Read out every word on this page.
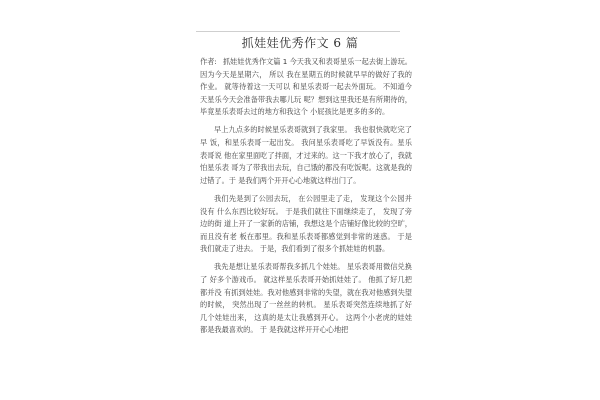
抓娃娃优秀作文 6 篇

作者: 抓娃娃优秀作文篇 1 今天我又和表哥星乐一起去街上游玩。 因为今天是星期六， 所以 我在星期五的时候就早早的做好了我的作业。 就等待着这一天可以 和星乐表哥一起去外面玩。 不知道今天星乐今天会准备带我去哪儿玩 呢？想到这里我还是有所期待的， 毕竟星乐表哥去过的地方和我这个 小屁孩比是更多的多的。

早上九点多的时候星乐表哥就到了我家里。 我也很快就吃完了早 饭，和星乐表哥一起出发。 我问星乐表哥吃了早饭没有。星乐表哥说 他在家里面吃了拌面，才过来的。这一下我才放心了，我就怕星乐表 哥为了带我出去玩，自己饿的都没有吃饭呢。这就是我的过错了。于 是我们两个开开心心地就这样出门了。

我们先是到了公园去玩， 在公园里走了走， 发现这个公园并没有 什么东西比较好玩。 于是我们就往下面继续走了， 发现了旁边的街 道上开了一家新的店铺，我想这是个店铺好像比较的空旷， 而且没有老 板在那里。我和星乐表哥都感觉到非常的迷惑。 于是我们就走了进去。 于是，我们看到了很多个抓娃娃的机器。

我先是想让星乐表哥帮我多抓几个娃娃。 星乐表哥用微信兑换了 好多个游戏币。 就这样星乐表哥开始抓娃娃了。 他抓了好几把都并没 有抓到娃娃。我对他感到非常的失望，就在我对他感到失望的时候， 突然出现了一丝丝的转机。 星乐表哥突然连续地抓了好几个娃娃出来， 这真的是太让我感到开心。 这两个小老虎的娃娃都是我最喜欢的。 于 是我就这样开开心心地把
